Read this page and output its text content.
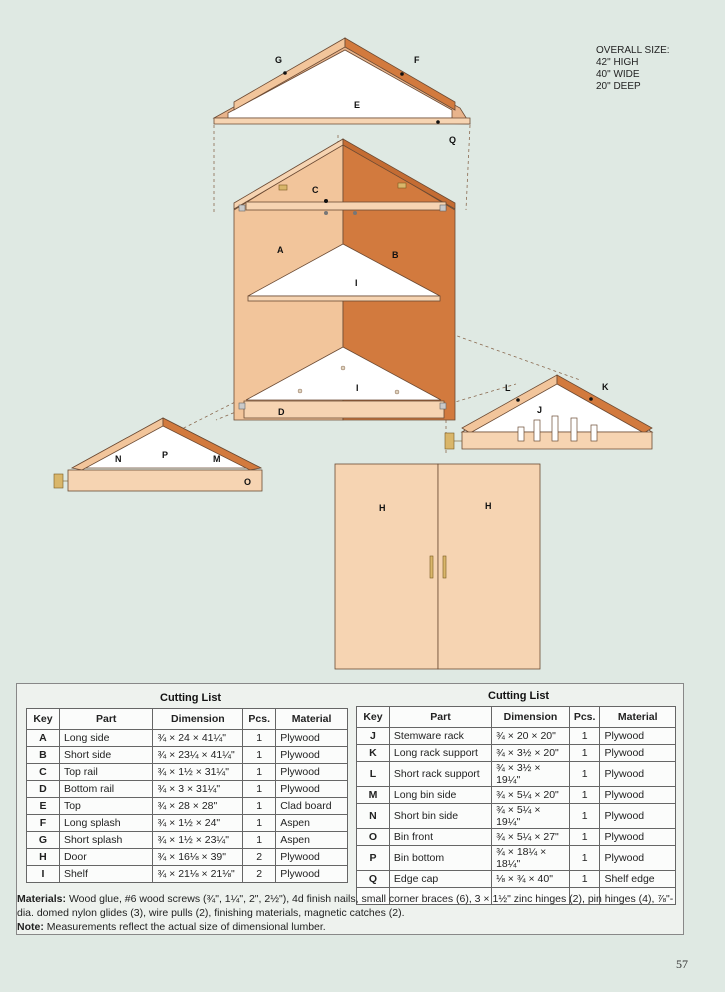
G	F
E
Q
C
A	B
I
I
D
L	K
J
N	P	M
O
H	H
OVERALL SIZE:
42" HIGH
40" WIDE
20" DEEP
Cutting List	Cutting List
Key	Part	Dimension	Pcs.	Material
A	Long side	¾ × 24 × 41¼"	1	Plywood
B	Short side	¾ × 23¼ × 41¼"	1	Plywood
C	Top rail	¾ × 1½ × 31¼"	1	Plywood
D	Bottom rail	¾ × 3 × 31¼"	1	Plywood
E	Top	¾ × 28 × 28"	1	Clad board
F	Long splash	¾ × 1½ × 24"	1	Aspen
G	Short splash	¾ × 1½ × 23¼"	1	Aspen
H	Door	¾ × 16⅛ × 39"	2	Plywood
I	Shelf	¾ × 21⅛ × 21⅛"	2	Plywood
Key	Part	Dimension	Pcs.	Material
J	Stemware rack	¾ × 20 × 20"	1	Plywood
K	Long rack support	¾ × 3½ × 20"	1	Plywood
L	Short rack support	¾ × 3½ × 19¼"	1	Plywood
M	Long bin side	¾ × 5¼ × 20"	1	Plywood
N	Short bin side	¾ × 5¼ × 19¼"	1	Plywood
O	Bin front	¾ × 5¼ × 27"	1	Plywood
P	Bin bottom	¾ × 18¼ × 18¼"	1	Plywood
Q	Edge cap	⅛ × ¾ × 40"	1	Shelf edge

Materials: Wood glue, #6 wood screws (¾", 1¼", 2", 2½"), 4d finish nails, small corner braces (6), 3 × 1½" zinc hinges (2), pin hinges (4), ⅞"-dia. domed nylon glides (3), wire pulls (2), finishing materials, magnetic catches (2).
Note: Measurements reflect the actual size of dimensional lumber.
57
